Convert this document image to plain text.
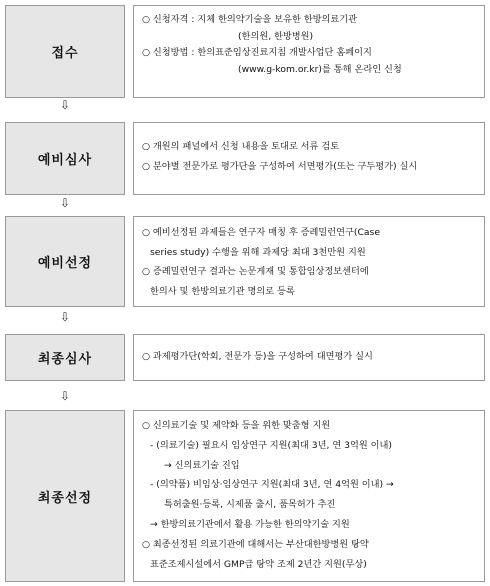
접수
○ 신청자격 : 지체 한의약기술을 보유한 한방의료기관
(한의원, 한방병원)
○ 신청방법 : 한의표준임상진료지침 개발사업단 홈페이지
(www.g-kom.or.kr)를 통해 온라인 신청
⇩
예비심사
○ 개원의 패널에서 신청 내용을 토대로 서류 검토
○ 분야별 전문가로 평가단을 구성하여 서면평가(또는 구두평가) 실시
⇩
예비선정
○ 예비선정된 과제들은 연구자 매칭 후 증례밀런연구(Case
series study) 수행을 위해 과제당 최대 3천만원 지원
○ 증례밀런연구 결과는 논문게재 및 통합임상정보센터에
한의사 및 한방의료기관 명의로 등록
⇩
최종심사	○ 과제평가단(학회, 전문가 등)을 구성하여 대면평가 실시
⇩
최종선정
○ 신의료기술 및 제약화 등을 위한 맞춤형 지원
- (의료기술) 필요시 임상연구 지원(최대 3년, 연 3억원 이내)
→ 신의료기술 진입
- (의약품) 비임상·임상연구 지원(최대 3년, 연 4억원 이내) →
특허출원·등록, 시제품 출시, 품목허가 추진
→ 한방의료기관에서 활용 가능한 한의약기술 지원
○ 최종선정된 의료기관에 대해서는 부산대한방병원 탕약
표준조제시설에서 GMP급 탕약 조제 2년간 지원(무상)
